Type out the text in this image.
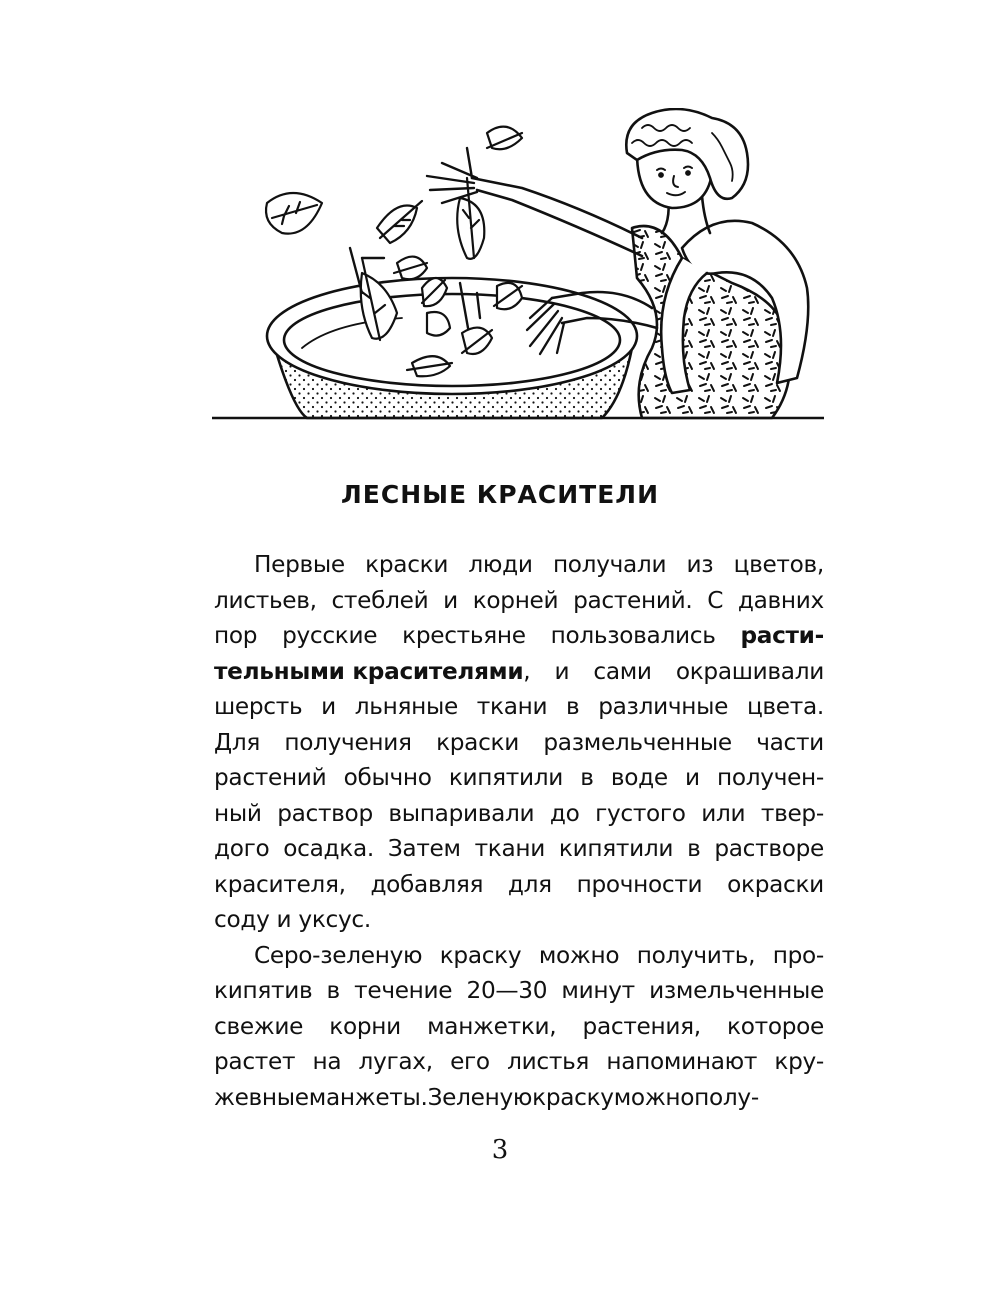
ЛЕСНЫЕ КРАСИТЕЛИ
Первые краски люди получали из цветов,
листьев, стеблей и корней растений. С давних
пор русские крестьяне пользовались расти-
тельными красителями, и сами окрашивали
шерсть и льняные ткани в различные цвета.
Для получения краски размельченные части
растений обычно кипятили в воде и получен-
ный раствор выпаривали до густого или твер-
дого осадка. Затем ткани кипятили в растворе
красителя, добавляя для прочности окраски
соду и уксус.
Серо-зеленую краску можно получить, про-
кипятив в течение 20—30 минут измельченные
свежие корни манжетки, растения, которое
растет на лугах, его листья напоминают кру-
жевные манжеты. Зеленую краску можно полу-
3
